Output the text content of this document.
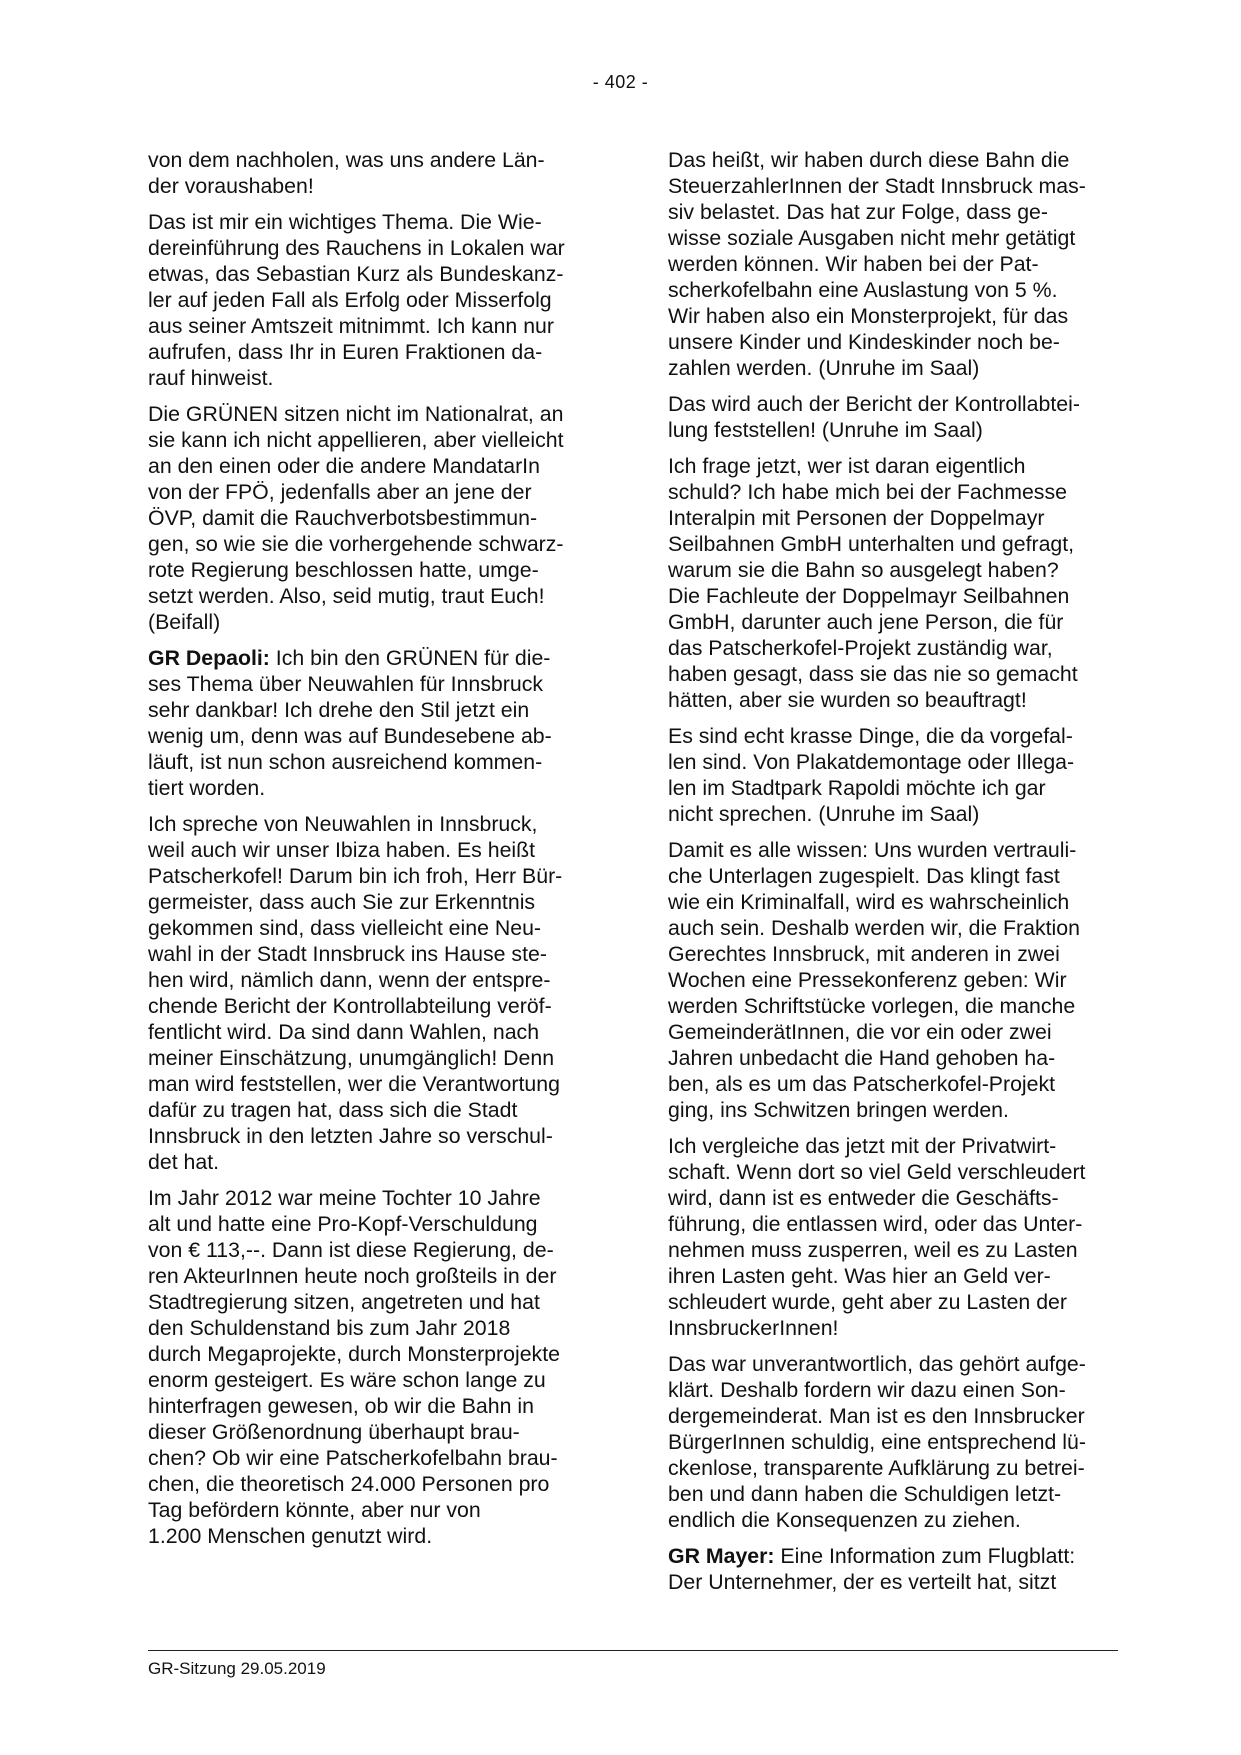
- 402 -

von dem nachholen, was uns andere Län-
der voraushaben!

Das ist mir ein wichtiges Thema. Die Wie-
dereinführung des Rauchens in Lokalen war
etwas, das Sebastian Kurz als Bundeskanz-
ler auf jeden Fall als Erfolg oder Misserfolg
aus seiner Amtszeit mitnimmt. Ich kann nur
aufrufen, dass Ihr in Euren Fraktionen da-
rauf hinweist.

Die GRÜNEN sitzen nicht im Nationalrat, an
sie kann ich nicht appellieren, aber vielleicht
an den einen oder die andere MandatarIn
von der FPÖ, jedenfalls aber an jene der
ÖVP, damit die Rauchverbotsbestimmun-
gen, so wie sie die vorhergehende schwarz-
rote Regierung beschlossen hatte, umge-
setzt werden. Also, seid mutig, traut Euch!
(Beifall)

GR Depaoli: Ich bin den GRÜNEN für die-
ses Thema über Neuwahlen für Innsbruck
sehr dankbar! Ich drehe den Stil jetzt ein
wenig um, denn was auf Bundesebene ab-
läuft, ist nun schon ausreichend kommen-
tiert worden.

Ich spreche von Neuwahlen in Innsbruck,
weil auch wir unser Ibiza haben. Es heißt
Patscherkofel! Darum bin ich froh, Herr Bür-
germeister, dass auch Sie zur Erkenntnis
gekommen sind, dass vielleicht eine Neu-
wahl in der Stadt Innsbruck ins Hause ste-
hen wird, nämlich dann, wenn der entspre-
chende Bericht der Kontrollabteilung veröf-
fentlicht wird. Da sind dann Wahlen, nach
meiner Einschätzung, unumgänglich! Denn
man wird feststellen, wer die Verantwortung
dafür zu tragen hat, dass sich die Stadt
Innsbruck in den letzten Jahre so verschul-
det hat.

Im Jahr 2012 war meine Tochter 10 Jahre
alt und hatte eine Pro-Kopf-Verschuldung
von € 113,--. Dann ist diese Regierung, de-
ren AkteurInnen heute noch großteils in der
Stadtregierung sitzen, angetreten und hat
den Schuldenstand bis zum Jahr 2018
durch Megaprojekte, durch Monsterprojekte
enorm gesteigert. Es wäre schon lange zu
hinterfragen gewesen, ob wir die Bahn in
dieser Größenordnung überhaupt brau-
chen? Ob wir eine Patscherkofelbahn brau-
chen, die theoretisch 24.000 Personen pro
Tag befördern könnte, aber nur von
1.200 Menschen genutzt wird.

Das heißt, wir haben durch diese Bahn die
SteuerzahlerInnen der Stadt Innsbruck mas-
siv belastet. Das hat zur Folge, dass ge-
wisse soziale Ausgaben nicht mehr getätigt
werden können. Wir haben bei der Pat-
scherkofelbahn eine Auslastung von 5 %.
Wir haben also ein Monsterprojekt, für das
unsere Kinder und Kindeskinder noch be-
zahlen werden. (Unruhe im Saal)

Das wird auch der Bericht der Kontrollabtei-
lung feststellen! (Unruhe im Saal)

Ich frage jetzt, wer ist daran eigentlich
schuld? Ich habe mich bei der Fachmesse
Interalpin mit Personen der Doppelmayr
Seilbahnen GmbH unterhalten und gefragt,
warum sie die Bahn so ausgelegt haben?
Die Fachleute der Doppelmayr Seilbahnen
GmbH, darunter auch jene Person, die für
das Patscherkofel-Projekt zuständig war,
haben gesagt, dass sie das nie so gemacht
hätten, aber sie wurden so beauftragt!

Es sind echt krasse Dinge, die da vorgefal-
len sind. Von Plakatdemontage oder Illega-
len im Stadtpark Rapoldi möchte ich gar
nicht sprechen. (Unruhe im Saal)

Damit es alle wissen: Uns wurden vertrauli-
che Unterlagen zugespielt. Das klingt fast
wie ein Kriminalfall, wird es wahrscheinlich
auch sein. Deshalb werden wir, die Fraktion
Gerechtes Innsbruck, mit anderen in zwei
Wochen eine Pressekonferenz geben: Wir
werden Schriftstücke vorlegen, die manche
GemeinderätInnen, die vor ein oder zwei
Jahren unbedacht die Hand gehoben ha-
ben, als es um das Patscherkofel-Projekt
ging, ins Schwitzen bringen werden.

Ich vergleiche das jetzt mit der Privatwirt-
schaft. Wenn dort so viel Geld verschleudert
wird, dann ist es entweder die Geschäfts-
führung, die entlassen wird, oder das Unter-
nehmen muss zusperren, weil es zu Lasten
ihren Lasten geht. Was hier an Geld ver-
schleudert wurde, geht aber zu Lasten der
InnsbruckerInnen!

Das war unverantwortlich, das gehört aufge-
klärt. Deshalb fordern wir dazu einen Son-
dergemeinderat. Man ist es den Innsbrucker
BürgerInnen schuldig, eine entsprechend lü-
ckenlose, transparente Aufklärung zu betrei-
ben und dann haben die Schuldigen letzt-
endlich die Konsequenzen zu ziehen.

GR Mayer: Eine Information zum Flugblatt:
Der Unternehmer, der es verteilt hat, sitzt

GR-Sitzung 29.05.2019
